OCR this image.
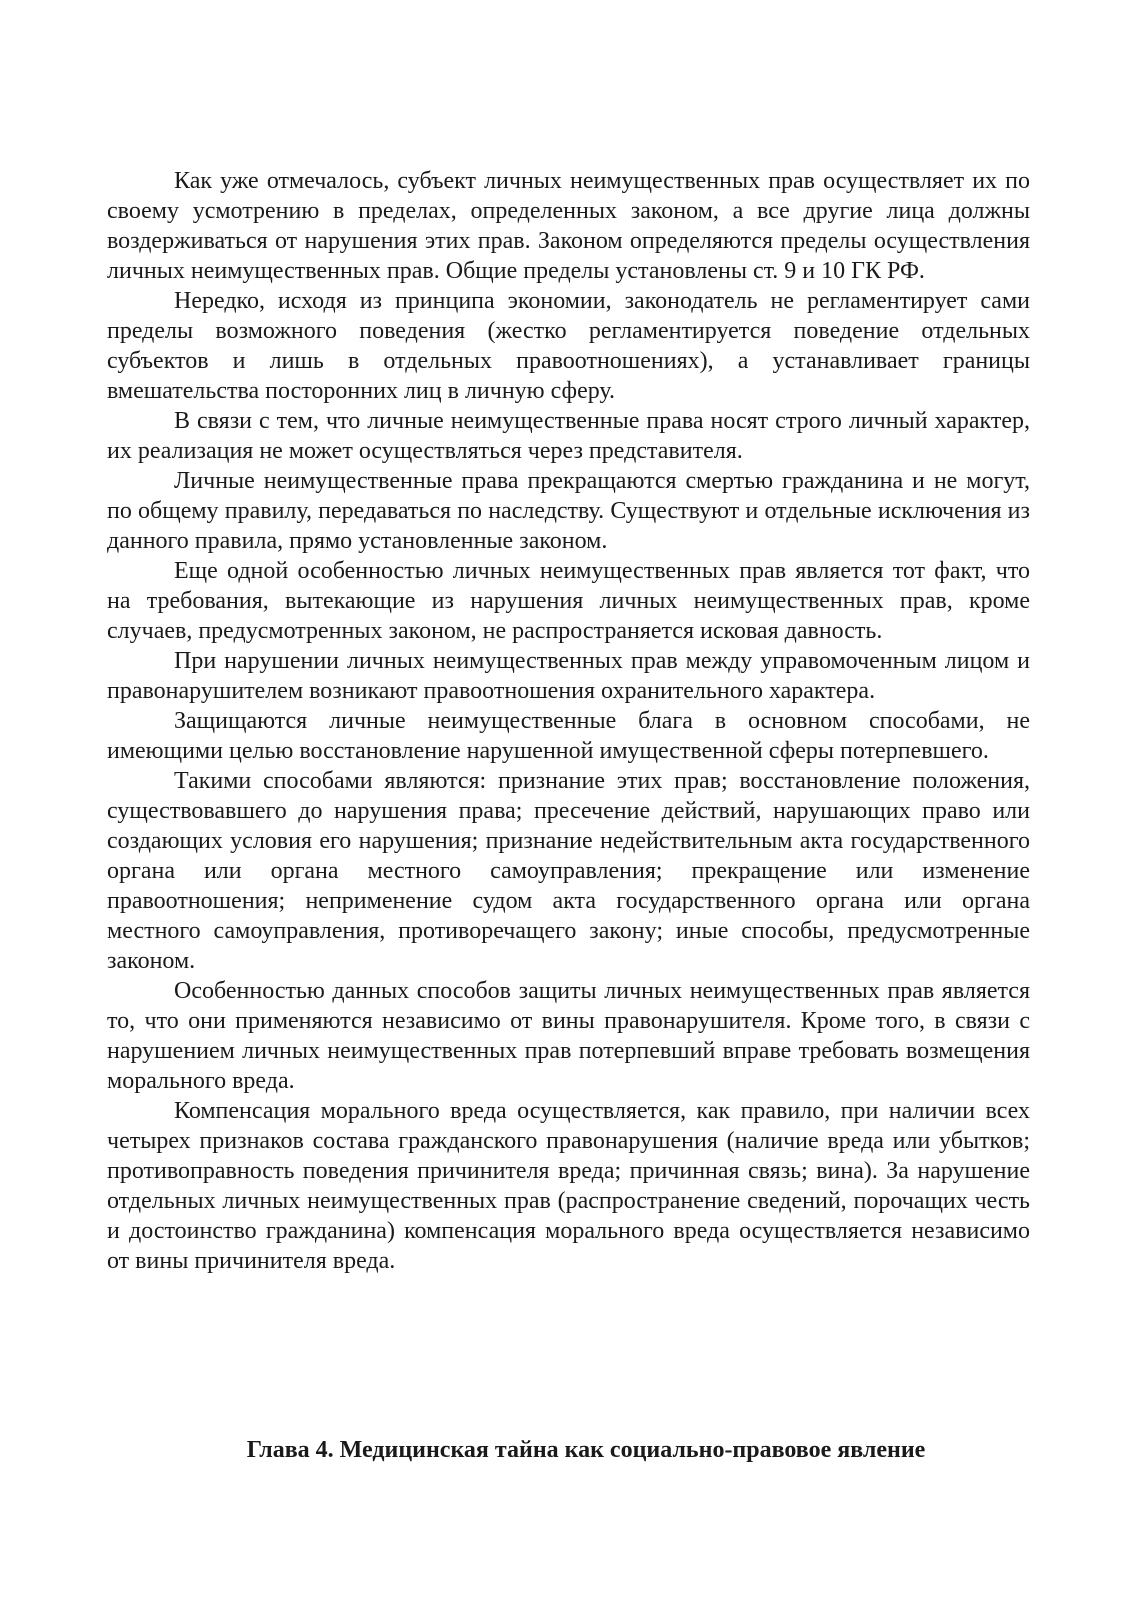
Как уже отмечалось, субъект личных неимущественных прав осуществляет их по своему усмотрению в пределах, определенных законом, а все другие лица должны воздерживаться от нарушения этих прав. Законом определяются пределы осуществления личных неимущественных прав. Общие пределы установлены ст. 9 и 10 ГК РФ.

Нередко, исходя из принципа экономии, законодатель не регламентирует сами пределы возможного поведения (жестко регламентируется поведение отдельных субъектов и лишь в отдельных правоотношениях), а устанавливает границы вмешательства посторонних лиц в личную сферу.

В связи с тем, что личные неимущественные права носят строго личный характер, их реализация не может осуществляться через представителя.

Личные неимущественные права прекращаются смертью гражданина и не могут, по общему правилу, передаваться по наследству. Существуют и отдельные исключения из данного правила, прямо установленные законом.

Еще одной особенностью личных неимущественных прав является тот факт, что на требования, вытекающие из нарушения личных неимущественных прав, кроме случаев, предусмотренных законом, не распространяется исковая давность.

При нарушении личных неимущественных прав между управомоченным лицом и правонарушителем возникают правоотношения охранительного характера.

Защищаются личные неимущественные блага в основном способами, не имеющими целью восстановление нарушенной имущественной сферы потерпевшего.

Такими способами являются: признание этих прав; восстановление положения, существовавшего до нарушения права; пресечение действий, нарушающих право или создающих условия его нарушения; признание недействительным акта государственного органа или органа местного самоуправления; прекращение или изменение правоотношения; неприменение судом акта государственного органа или органа местного самоуправления, противоречащего закону; иные способы, предусмотренные законом.

Особенностью данных способов защиты личных неимущественных прав является то, что они применяются независимо от вины правонарушителя. Кроме того, в связи с нарушением личных неимущественных прав потерпевший вправе требовать возмещения морального вреда.

Компенсация морального вреда осуществляется, как правило, при наличии всех четырех признаков состава гражданского правонарушения (наличие вреда или убытков; противоправность поведения причинителя вреда; причинная связь; вина). За нарушение отдельных личных неимущественных прав (распространение сведений, порочащих честь и достоинство гражданина) компенсация морального вреда осуществляется независимо от вины причинителя вреда.

Глава 4. Медицинская тайна как социально-правовое явление
